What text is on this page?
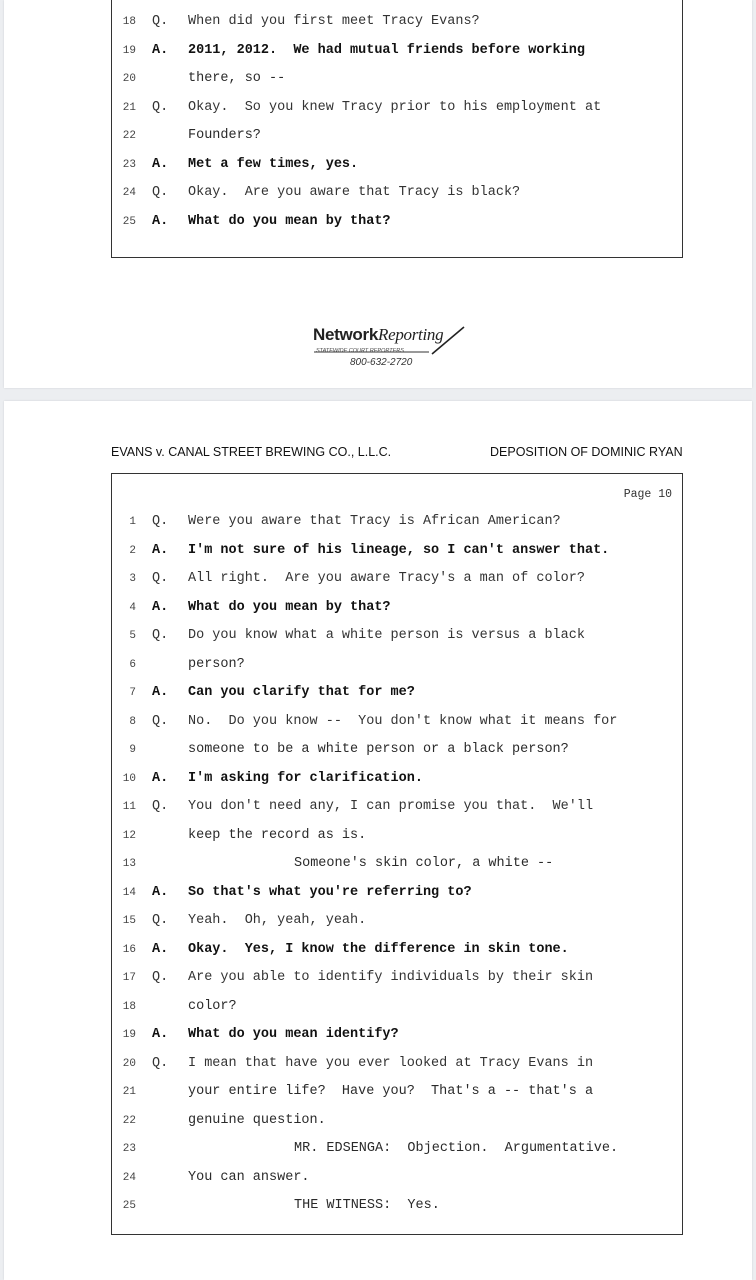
18 Q. When did you first meet Tracy Evans?
19 A. 2011, 2012.  We had mutual friends before working
20	there, so --
21 Q. Okay.  So you knew Tracy prior to his employment at
22	Founders?
23 A. Met a few times, yes.
24 Q. Okay.  Are you aware that Tracy is black?
25 A. What do you mean by that?
NetworkReporting
STATEWIDE COURT REPORTERS
800-632-2720
EVANS v. CANAL STREET BREWING CO., L.L.C.	DEPOSITION OF DOMINIC RYAN
Page 10
1 Q. Were you aware that Tracy is African American?
2 A. I'm not sure of his lineage, so I can't answer that.
3 Q. All right.  Are you aware Tracy's a man of color?
4 A. What do you mean by that?
5 Q. Do you know what a white person is versus a black
6	person?
7 A. Can you clarify that for me?
8 Q. No.  Do you know --  You don't know what it means for
9	someone to be a white person or a black person?
10 A. I'm asking for clarification.
11 Q. You don't need any, I can promise you that.  We'll
12	keep the record as is.
13	Someone's skin color, a white --
14 A. So that's what you're referring to?
15 Q. Yeah.  Oh, yeah, yeah.
16 A. Okay.  Yes, I know the difference in skin tone.
17 Q. Are you able to identify individuals by their skin
18	color?
19 A. What do you mean identify?
20 Q. I mean that have you ever looked at Tracy Evans in
21	your entire life?  Have you?  That's a -- that's a
22	genuine question.
23	MR. EDSENGA:  Objection.  Argumentative.
24	You can answer.
25	THE WITNESS:  Yes.
